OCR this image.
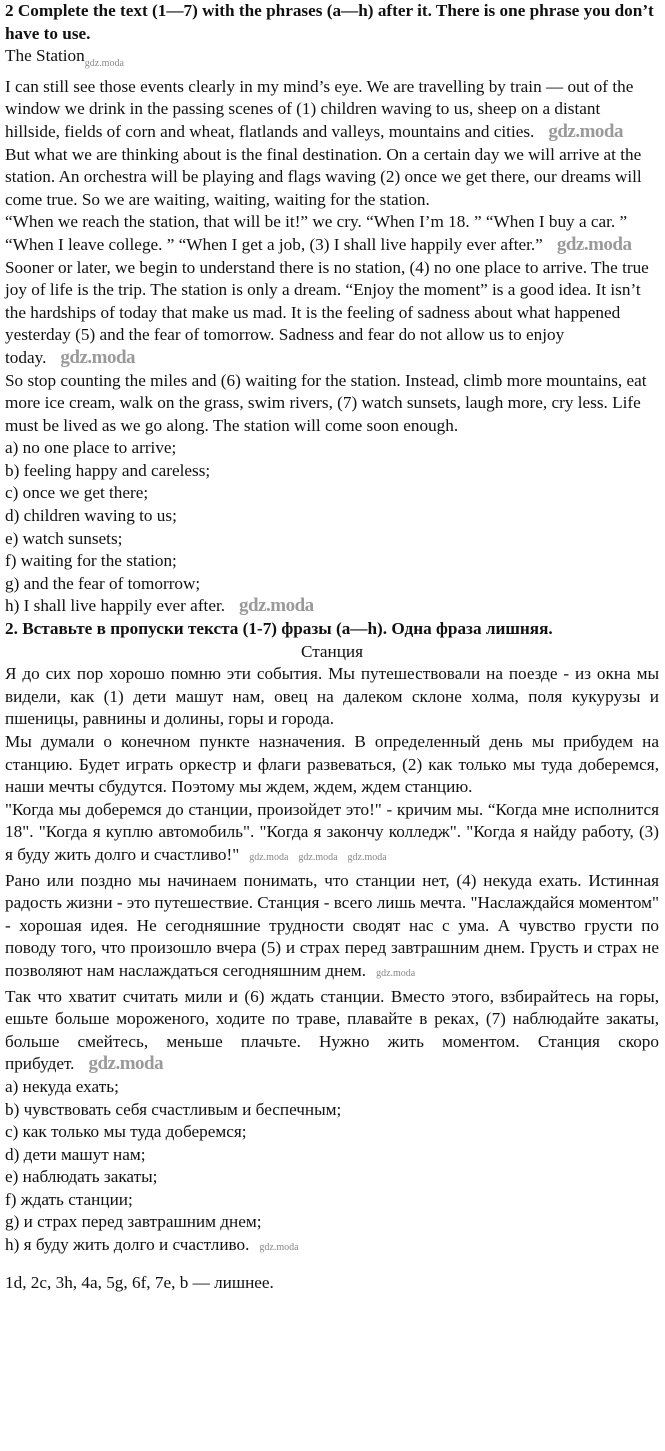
2 Complete the text (1—7) with the phrases (a—h) after it. There is one phrase you don’t have to use.

The Station$_{gdz.moda}$

I can still see those events clearly in my mind’s eye. We are travelling by train — out of the window we drink in the passing scenes of (1) children waving to us, sheep on a distant hillside, fields of corn and wheat, flatlands and valleys, mountains and cities. gdz.moda

But what we are thinking about is the final destination. On a certain day we will arrive at the station. An orchestra will be playing and flags waving (2) once we get there, our dreams will come true. So we are waiting, waiting, waiting for the station.

“When we reach the station, that will be it!” we cry. “When I’m 18. ” “When I buy a car. ” “When I leave college. ” “When I get a job, (3) I shall live happily ever after.” gdz.moda

Sooner or later, we begin to understand there is no station, (4) no one place to arrive. The true joy of life is the trip. The station is only a dream. “Enjoy the moment” is a good idea. It isn’t the hardships of today that make us mad. It is the feeling of sadness about what happened yesterday (5) and the fear of tomorrow. Sadness and fear do not allow us to enjoy today. gdz.moda

So stop counting the miles and (6) waiting for the station. Instead, climb more mountains, eat more ice cream, walk on the grass, swim rivers, (7) watch sunsets, laugh more, cry less. Life must be lived as we go along. The station will come soon enough.

a) no one place to arrive;

b) feeling happy and careless;

c) once we get there;

d) children waving to us;

e) watch sunsets;

f) waiting for the station;

g) and the fear of tomorrow;

h) I shall live happily ever after. gdz.moda

2. Вставьте в пропуски текста (1-7) фразы (a—h). Одна фраза лишняя.

Станция

Я до сих пор хорошо помню эти события. Мы путешествовали на поезде - из окна мы видели, как (1) дети машут нам, овец на далеком склоне холма, поля кукурузы и пшеницы, равнины и долины, горы и города.

Мы думали о конечном пункте назначения. В определенный день мы прибудем на станцию. Будет играть оркестр и флаги развеваться, (2) как только мы туда доберемся, наши мечты сбудутся. Поэтому мы ждем, ждем, ждем станцию.

"Когда мы доберемся до станции, произойдет это!" - кричим мы. “Когда мне исполнится 18". "Когда я куплю автомобиль". "Когда я закончу колледж". "Когда я найду работу, (3) я буду жить долго и счастливо!" gdz.moda gdz.moda gdz.moda

Рано или поздно мы начинаем понимать, что станции нет, (4) некуда ехать. Истинная радость жизни - это путешествие. Станция - всего лишь мечта. "Наслаждайся моментом" - хорошая идея. Не сегодняшние трудности сводят нас с ума. А чувство грусти по поводу того, что произошло вчера (5) и страх перед завтрашним днем. Грусть и страх не позволяют нам наслаждаться сегодняшним днем. gdz.moda

Так что хватит считать мили и (6) ждать станции. Вместо этого, взбирайтесь на горы, ешьте больше мороженого, ходите по траве, плавайте в реках, (7) наблюдайте закаты, больше смейтесь, меньше плачьте. Нужно жить моментом. Станция скоро прибудет. gdz.moda

a) некуда ехать;

b) чувствовать себя счастливым и беспечным;

c) как только мы туда доберемся;

d) дети машут нам;

e) наблюдать закаты;

f) ждать станции;

g) и страх перед завтрашним днем;

h) я буду жить долго и счастливо. gdz.moda

1d, 2c, 3h, 4a, 5g, 6f, 7e, b — лишнее.
